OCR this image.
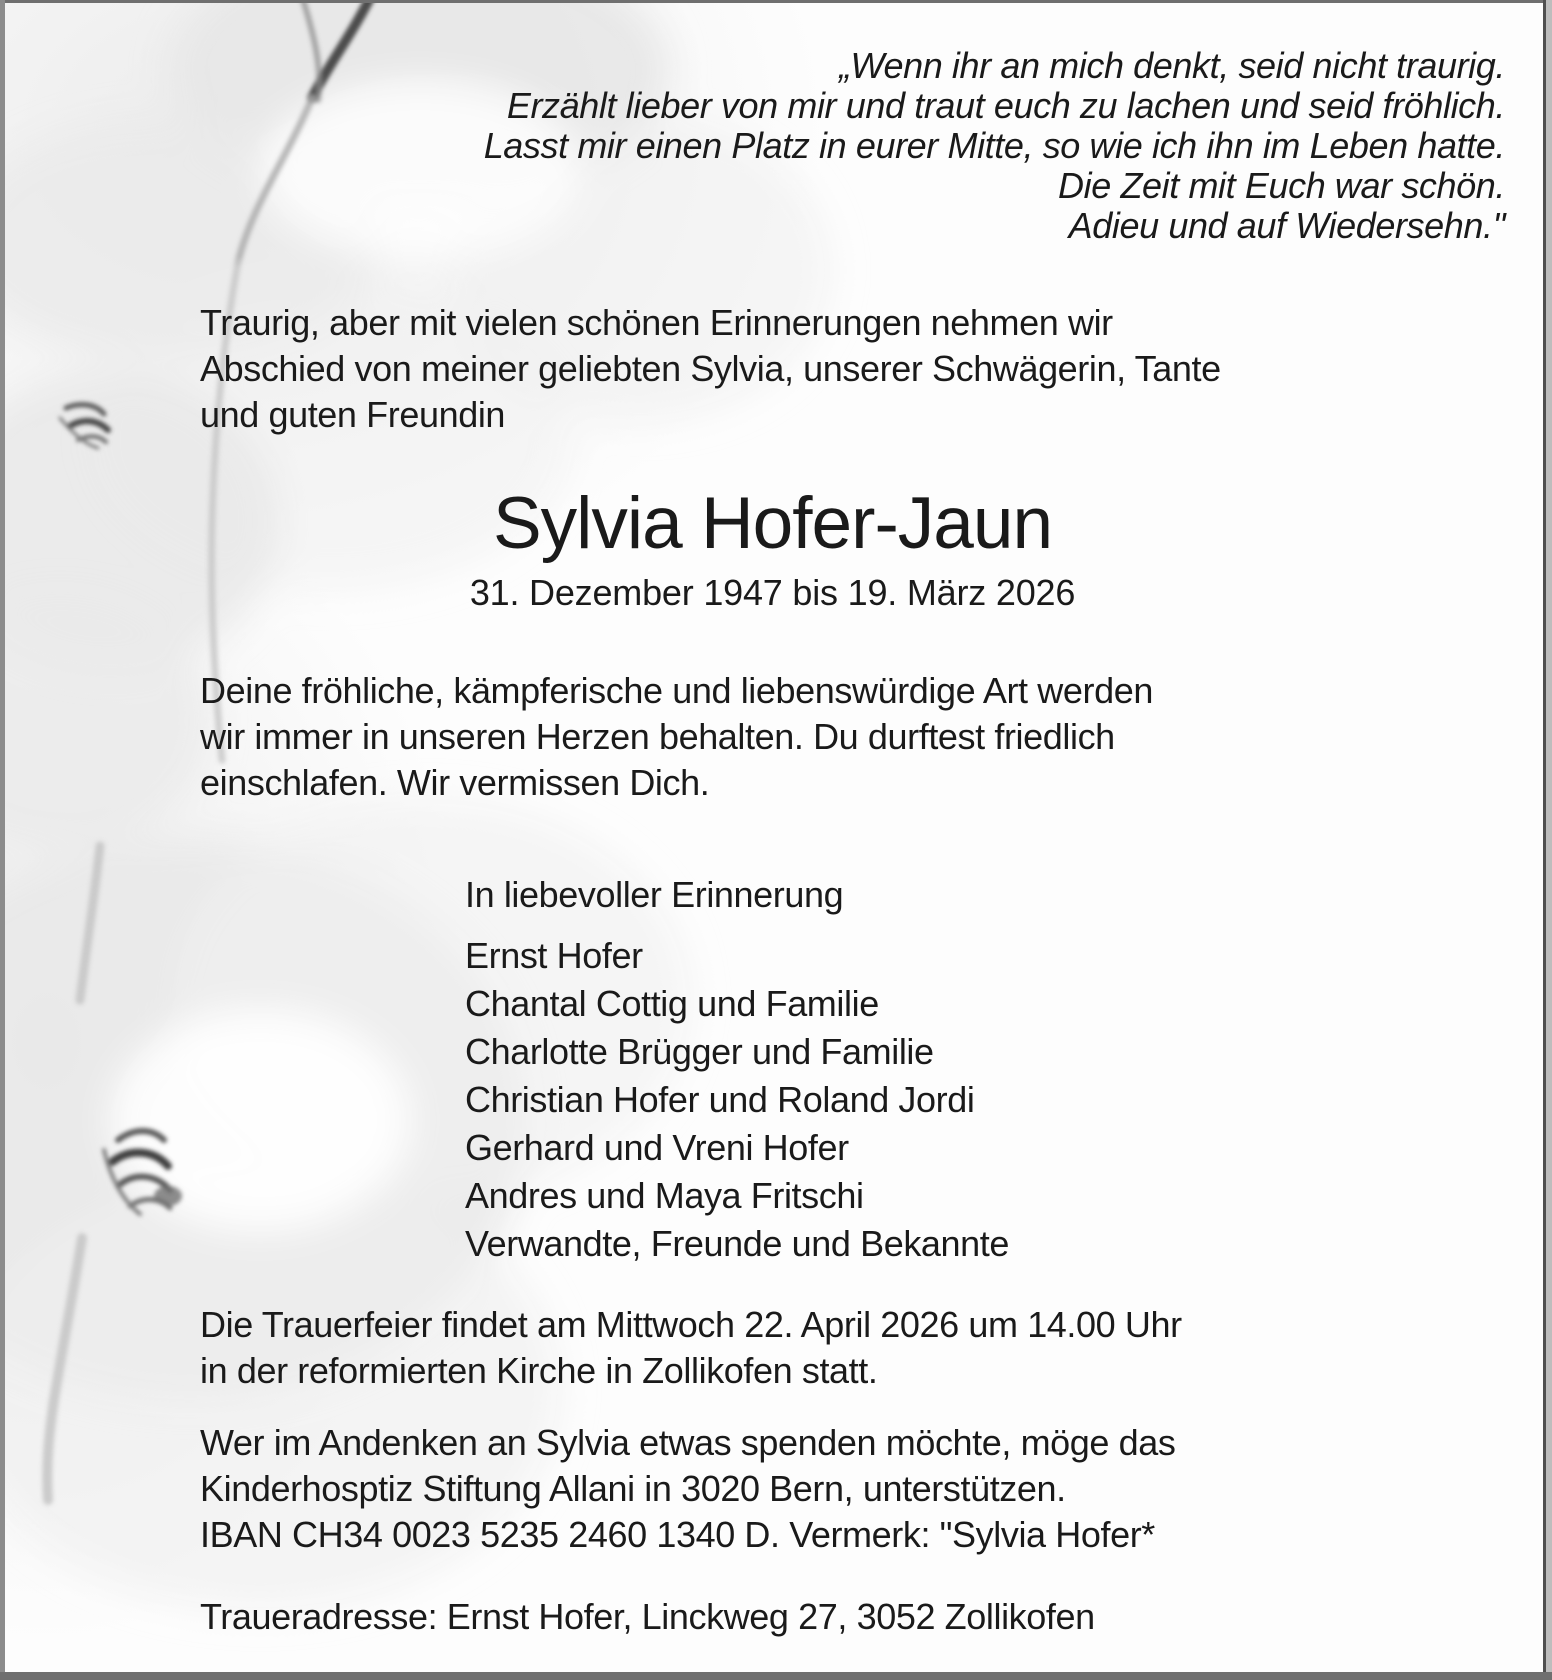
„Wenn ihr an mich denkt, seid nicht traurig.
Erzählt lieber von mir und traut euch zu lachen und seid fröhlich.
Lasst mir einen Platz in eurer Mitte, so wie ich ihn im Leben hatte.
Die Zeit mit Euch war schön.
Adieu und auf Wiedersehn."
Traurig, aber mit vielen schönen Erinnerungen nehmen wir
Abschied von meiner geliebten Sylvia, unserer Schwägerin, Tante
und guten Freundin
Sylvia Hofer-Jaun
31. Dezember 1947 bis 19. März 2026
Deine fröhliche, kämpferische und liebenswürdige Art werden
wir immer in unseren Herzen behalten. Du durftest friedlich
einschlafen. Wir vermissen Dich.
In liebevoller Erinnerung
Ernst Hofer
Chantal Cottig und Familie
Charlotte Brügger und Familie
Christian Hofer und Roland Jordi
Gerhard und Vreni Hofer
Andres und Maya Fritschi
Verwandte, Freunde und Bekannte
Die Trauerfeier findet am Mittwoch 22. April 2026 um 14.00 Uhr
in der reformierten Kirche in Zollikofen statt.
Wer im Andenken an Sylvia etwas spenden möchte, möge das
Kinderhosptiz Stiftung Allani in 3020 Bern, unterstützen.
IBAN CH34 0023 5235 2460 1340 D. Vermerk: "Sylvia Hofer*
Traueradresse: Ernst Hofer, Linckweg 27, 3052 Zollikofen
